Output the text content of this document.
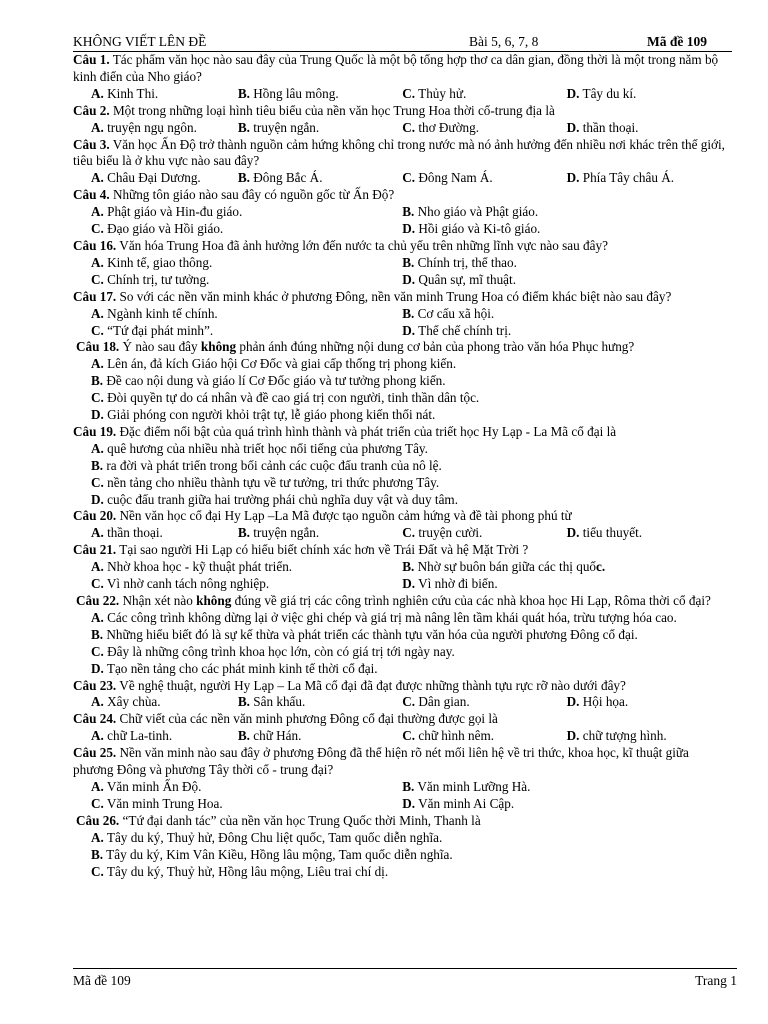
KHÔNG VIẾT LÊN ĐỀ	Bài 5, 6, 7, 8	Mã đề 109

Câu 1. Tác phẩm văn học nào sau đây của Trung Quốc là một bộ tổng hợp thơ ca dân gian, đồng thời là một trong năm bộ kinh điển của Nho giáo?

A. Kinh Thi.	B. Hồng lâu mông.	C. Thủy hử.	D. Tây du kí.

Câu 2. Một trong những loại hình tiêu biểu của nền văn học Trung Hoa thời cổ-trung địa là

A. truyện ngụ ngôn.	B. truyện ngắn.	C. thơ Đường.	D. thần thoại.

Câu 3. Văn học Ấn Độ trở thành nguồn cảm hứng không chỉ trong nước mà nó ảnh hưởng đến nhiều nơi khác trên thế giới, tiêu biểu là ở khu vực nào sau đây?

A. Châu Đại Dương.	B. Đông Bắc Á.	C. Đông Nam Á.	D. Phía Tây châu Á.

Câu 4. Những tôn giáo nào sau đây có nguồn gốc từ Ấn Độ?

A. Phật giáo và Hin-đu giáo.	B. Nho giáo và Phật giáo.
C. Đạo giáo và Hồi giáo.	D. Hồi giáo và Ki-tô giáo.

Câu 16. Văn hóa Trung Hoa đã ảnh hưởng lớn đến nước ta chủ yếu trên những lĩnh vực nào sau đây?

A. Kinh tế, giao thông.	B. Chính trị, thể thao.
C. Chính trị, tư tưởng.	D. Quân sự, mĩ thuật.

Câu 17. So với các nền văn minh khác ở phương Đông, nền văn minh Trung Hoa có điểm khác biệt nào sau đây?

A. Ngành kinh tế chính.	B. Cơ cấu xã hội.
C. “Tứ đại phát minh”.	D. Thể chế chính trị.

Câu 18. Ý nào sau đây không phản ánh đúng những nội dung cơ bản của phong trào văn hóa Phục hưng?

A. Lên án, đả kích Giáo hội Cơ Đốc và giai cấp thống trị phong kiến.
B. Đề cao nội dung và giáo lí Cơ Đốc giáo và tư tưởng phong kiến.
C. Đòi quyền tự do cá nhân và đề cao giá trị con người, tinh thần dân tộc.
D. Giải phóng con người khỏi trật tự, lễ giáo phong kiến thối nát.

Câu 19. Đặc điểm nổi bật của quá trình hình thành và phát triển của triết học Hy Lạp - La Mã cổ đại là

A. quê hương của nhiều nhà triết học nổi tiếng của phương Tây.
B. ra đời và phát triển trong bối cảnh các cuộc đấu tranh của nô lệ.
C. nền tảng cho nhiều thành tựu về tư tưởng, tri thức phương Tây.
D. cuộc đấu tranh giữa hai trường phái chủ nghĩa duy vật và duy tâm.

Câu 20. Nền văn học cổ đại Hy Lạp –La Mã được tạo nguồn cảm hứng và đề tài phong phú từ

A. thần thoại.	B. truyện ngắn.	C. truyện cười.	D. tiểu thuyết.

Câu 21. Tại sao người Hi Lạp có hiểu biết chính xác hơn về Trái Đất và hệ Mặt Trời ?

A. Nhờ khoa học - kỹ thuật phát triển.	B. Nhờ sự buôn bán giữa các thị quốc.
C. Vì nhờ canh tách nông nghiệp.	D. Vì nhờ đi biển.

Câu 22. Nhận xét nào không đúng về giá trị các công trình nghiên cứu của các nhà khoa học Hi Lạp, Rôma thời cổ đại?

A. Các công trình không dừng lại ở việc ghi chép và giá trị mà nâng lên tầm khái quát hóa, trừu tượng hóa cao.
B. Những hiểu biết đó là sự kế thừa và phát triển các thành tựu văn hóa của người phương Đông cổ đại.
C. Đây là những công trình khoa học lớn, còn có giá trị tới ngày nay.
D. Tạo nền tảng cho các phát minh kinh tế thời cổ đại.

Câu 23. Về nghệ thuật, người Hy Lạp – La Mã cổ đại đã đạt được những thành tựu rực rỡ nào dưới đây?

A. Xây chùa.	B. Sân khấu.	C. Dân gian.	D. Hội họa.

Câu 24. Chữ viết của các nền văn minh phương Đông cổ đại thường được gọi là

A. chữ La-tinh.	B. chữ Hán.	C. chữ hình nêm.	D. chữ tượng hình.

Câu 25. Nền văn minh nào sau đây ở phương Đông đã thể hiện rõ nét mối liên hệ về tri thức, khoa học, kĩ thuật giữa phương Đông và phương Tây thời cổ - trung đại?

A. Văn minh Ấn Độ.	B. Văn minh Lưỡng Hà.
C. Văn minh Trung Hoa.	D. Văn minh Ai Cập.

Câu 26. “Tứ đại danh tác” của nền văn học Trung Quốc thời Minh, Thanh là

A. Tây du ký, Thuỷ hử, Đông Chu liệt quốc, Tam quốc diễn nghĩa.
B. Tây du ký, Kim Vân Kiều, Hồng lâu mộng, Tam quốc diễn nghĩa.
C. Tây du ký, Thuỷ hử, Hồng lâu mộng, Liêu trai chí dị.
Mã đề 109	Trang 1
